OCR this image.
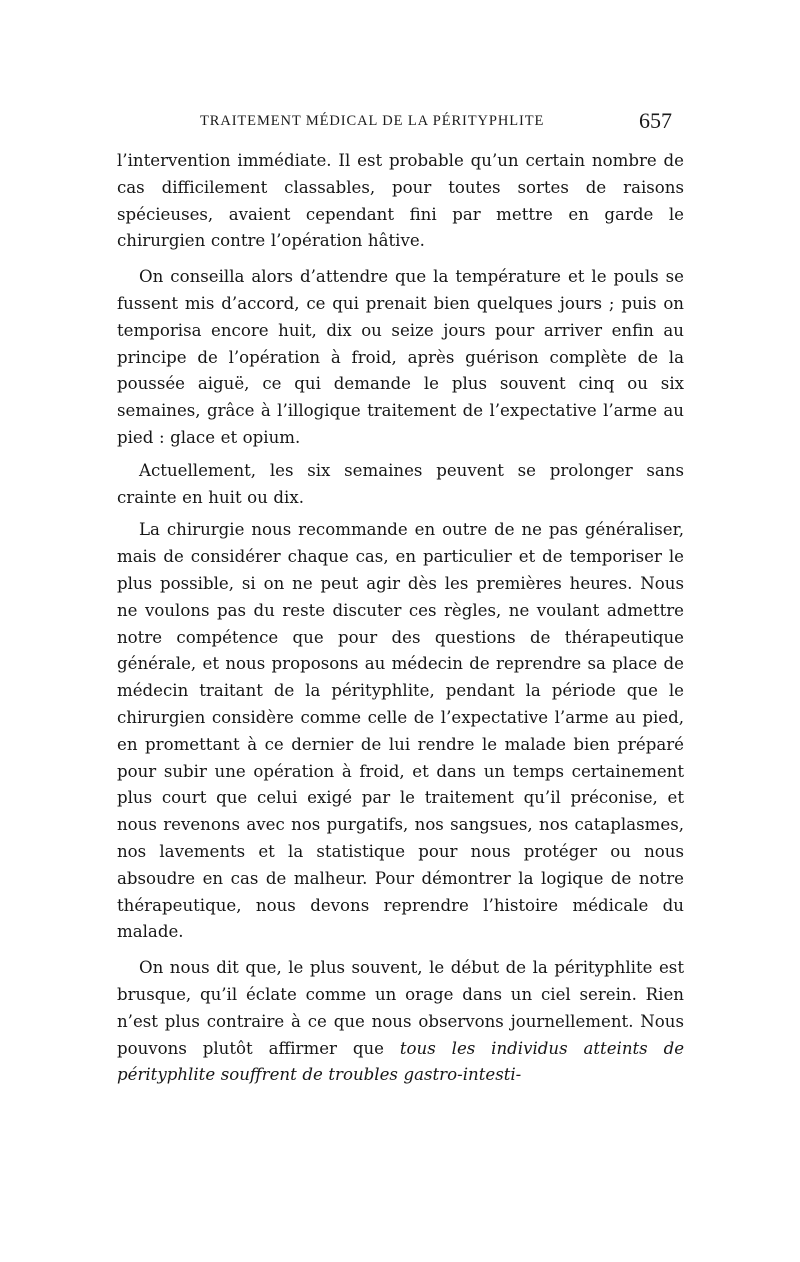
TRAITEMENT MÉDICAL DE LA PÉRITYPHLITE	657

l’intervention immédiate. Il est probable qu’un certain nombre de cas difficilement classables, pour toutes sortes de raisons spécieuses, avaient cependant fini par mettre en garde le chirurgien contre l’opération hâtive.

On conseilla alors d’attendre que la température et le pouls se fussent mis d’accord, ce qui prenait bien quelques jours ; puis on temporisa encore huit, dix ou seize jours pour arriver enfin au principe de l’opération à froid, après guérison complète de la poussée aiguë, ce qui demande le plus souvent cinq ou six semaines, grâce à l’illogique traitement de l’expectative l’arme au pied : glace et opium.

Actuellement, les six semaines peuvent se prolonger sans crainte en huit ou dix.

La chirurgie nous recommande en outre de ne pas généraliser, mais de considérer chaque cas, en particulier et de temporiser le plus possible, si on ne peut agir dès les premières heures. Nous ne voulons pas du reste discuter ces règles, ne voulant admettre notre compétence que pour des questions de thérapeutique générale, et nous proposons au médecin de reprendre sa place de médecin traitant de la pérityphlite, pendant la période que le chirurgien considère comme celle de l’expectative l’arme au pied, en promettant à ce dernier de lui rendre le malade bien préparé pour subir une opération à froid, et dans un temps certainement plus court que celui exigé par le traitement qu’il préconise, et nous revenons avec nos purgatifs, nos sangsues, nos cataplasmes, nos lavements et la statistique pour nous protéger ou nous absoudre en cas de malheur. Pour démontrer la logique de notre thérapeutique, nous devons reprendre l’histoire médicale du malade.

On nous dit que, le plus souvent, le début de la pérityphlite est brusque, qu’il éclate comme un orage dans un ciel serein. Rien n’est plus contraire à ce que nous observons journellement. Nous pouvons plutôt affirmer que tous les individus atteints de pérityphlite souffrent de troubles gastro-intesti-
